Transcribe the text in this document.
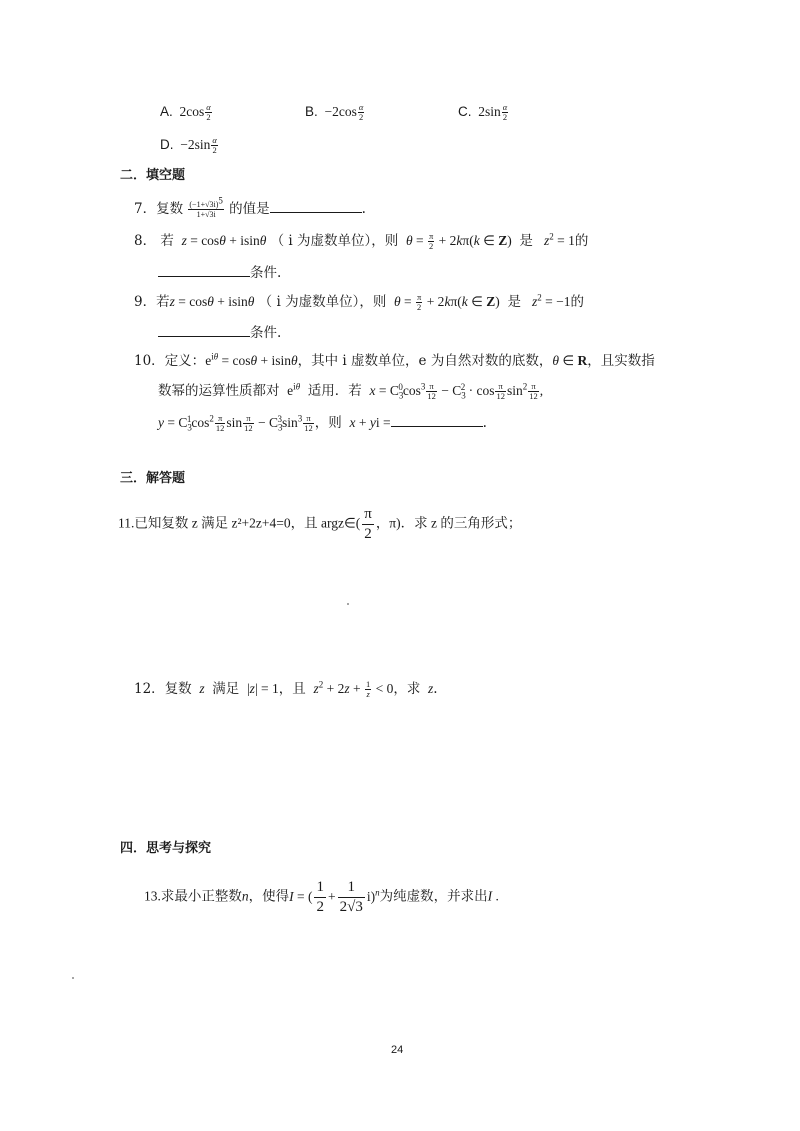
A.  $2\cos \frac{\alpha}{2}$	B.  $-2\cos \frac{\alpha}{2}$	C.  $2\sin \frac{\alpha}{2}$
D.  $-2\sin \frac{\alpha}{2}$
二．填空题
7．复数 $\frac{(-1+√3i)^5}{1+√3i}$ 的值是	.
8． 若 z = cosθ + isinθ （ i 为虚数单位），则 $\theta = \frac{\pi}{2} + 2k\pi(k$ ∈ Z)  是 $z^2 = 1$的
条件.
9．若z = cosθ + isinθ （ i 为虚数单位），则 $\theta = \frac{\pi}{2} + 2k\pi(k$ ∈ Z)  是 $z^2 = -1$的
条件.
10．定义：$e^{i\theta} = \cos\theta + isin\theta$，其中 i 虚数单位，e 为自然对数的底数，θ ∈ R，且实数指
数幂的运算性质都对  $e^{i\theta}$ 适用．若 $x = C_3^0\cos^3 \frac{\pi}{12} - C_3^2 \cdot \cos \frac{\pi}{12} \sin^2 \frac{\pi}{12}$ ,
$y = C_3^1\cos^2 \frac{\pi}{12}$ $\sin \frac{\pi}{12} - C_3^3\sin^3 \frac{\pi}{12}$ ，则 x + yi =	.
三．解答题
11.已知复数 z 满足 z²+2z+4=0，且 argz∈( $\frac{\pi}{2}$ ，π)．求 z 的三角形式；
12．复数  z  满足  |z| = 1，且 $z^2 + 2z + \frac{1}{z} < 0$，求  z.
四．思考与探究
13.求最小正整数n，使得I = ( $\frac{1}{2} + \frac{1}{2√3} i)^n$为纯虚数，并求出I .
24
